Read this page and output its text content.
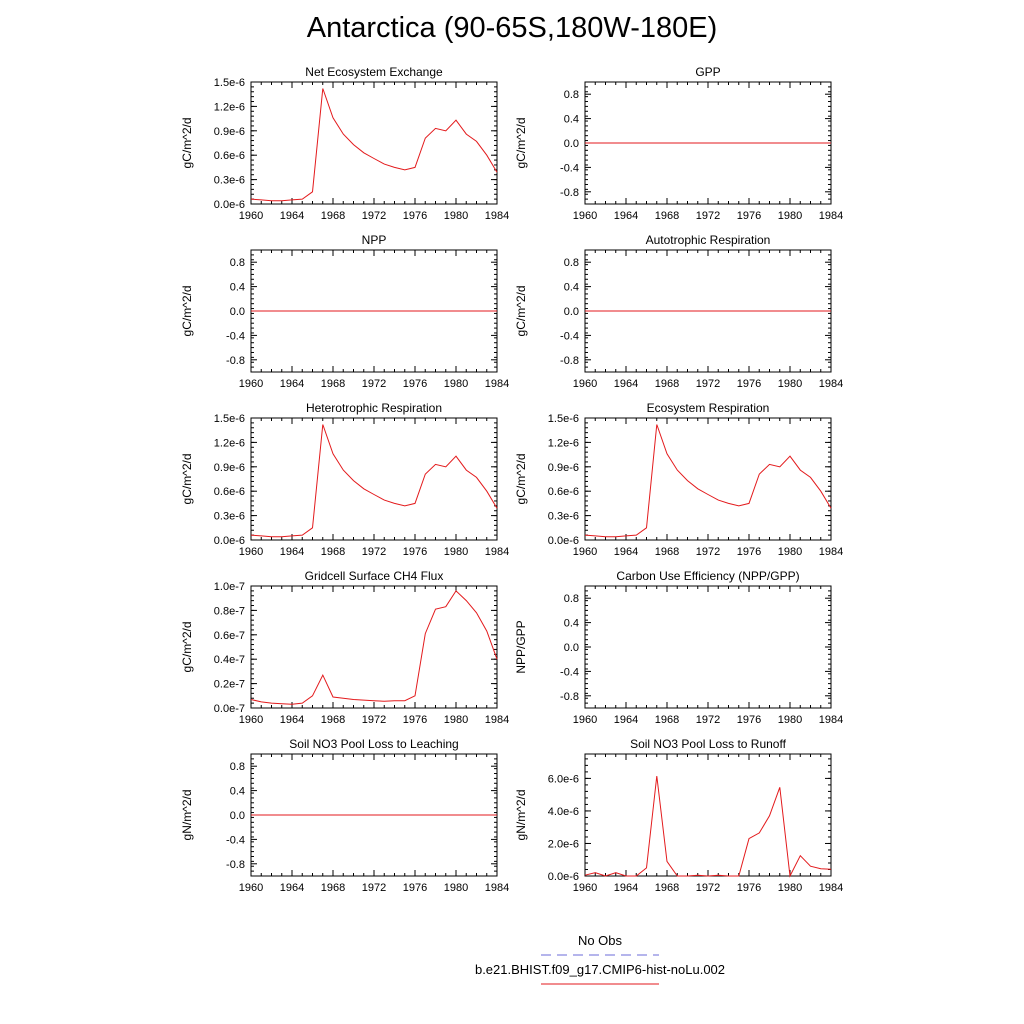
Antarctica (90-65S,180W-180E)
Net Ecosystem Exchange
gC/m^2/d
1960 1964 1968 1972 1976 1980 1984
0.0e-6
0.3e-6
0.6e-6
0.9e-6
1.2e-6
1.5e-6
GPP
gC/m^2/d
1960 1964 1968 1972 1976 1980 1984
-0.8
-0.4
0.0
0.4
0.8
NPP
gC/m^2/d
1960 1964 1968 1972 1976 1980 1984
-0.8
-0.4
0.0
0.4
0.8
Autotrophic Respiration
gC/m^2/d
1960 1964 1968 1972 1976 1980 1984
-0.8
-0.4
0.0
0.4
0.8
Heterotrophic Respiration
gC/m^2/d
1960 1964 1968 1972 1976 1980 1984
0.0e-6
0.3e-6
0.6e-6
0.9e-6
1.2e-6
1.5e-6
Ecosystem Respiration
gC/m^2/d
1960 1964 1968 1972 1976 1980 1984
0.0e-6
0.3e-6
0.6e-6
0.9e-6
1.2e-6
1.5e-6
Gridcell Surface CH4 Flux
gC/m^2/d
1960 1964 1968 1972 1976 1980 1984
0.0e-7
0.2e-7
0.4e-7
0.6e-7
0.8e-7
1.0e-7
Carbon Use Efficiency (NPP/GPP)
NPP/GPP
1960 1964 1968 1972 1976 1980 1984
-0.8
-0.4
0.0
0.4
0.8
Soil NO3 Pool Loss to Leaching
gN/m^2/d
1960 1964 1968 1972 1976 1980 1984
-0.8
-0.4
0.0
0.4
0.8
Soil NO3 Pool Loss to Runoff
gN/m^2/d
1960 1964 1968 1972 1976 1980 1984
0.0e-6
2.0e-6
4.0e-6
6.0e-6
No Obs
b.e21.BHIST.f09_g17.CMIP6-hist-noLu.002
